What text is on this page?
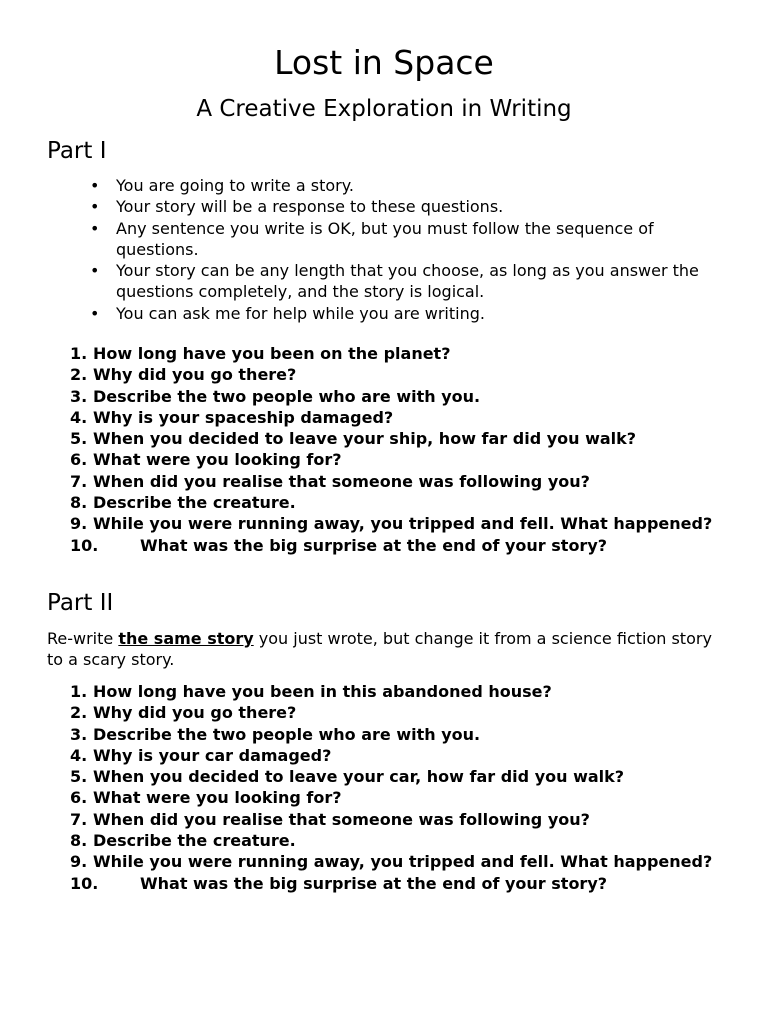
Lost in Space
A Creative Exploration in Writing
Part I
• You are going to write a story.
• Your story will be a response to these questions.
• Any sentence you write is OK, but you must follow the sequence of questions.
• Your story can be any length that you choose, as long as you answer the questions completely, and the story is logical.
• You can ask me for help while you are writing.
1. How long have you been on the planet?
2. Why did you go there?
3. Describe the two people who are with you.
4. Why is your spaceship damaged?
5. When you decided to leave your ship, how far did you walk?
6. What were you looking for?
7. When did you realise that someone was following you?
8. Describe the creature.
9. While you were running away, you tripped and fell. What happened?
10.	What was the big surprise at the end of your story?
Part II

Re-write the same story you just wrote, but change it from a science fiction story to a scary story.

1. How long have you been in this abandoned house?
2. Why did you go there?
3. Describe the two people who are with you.
4. Why is your car damaged?
5. When you decided to leave your car, how far did you walk?
6. What were you looking for?
7. When did you realise that someone was following you?
8. Describe the creature.
9. While you were running away, you tripped and fell. What happened?
10.	What was the big surprise at the end of your story?
